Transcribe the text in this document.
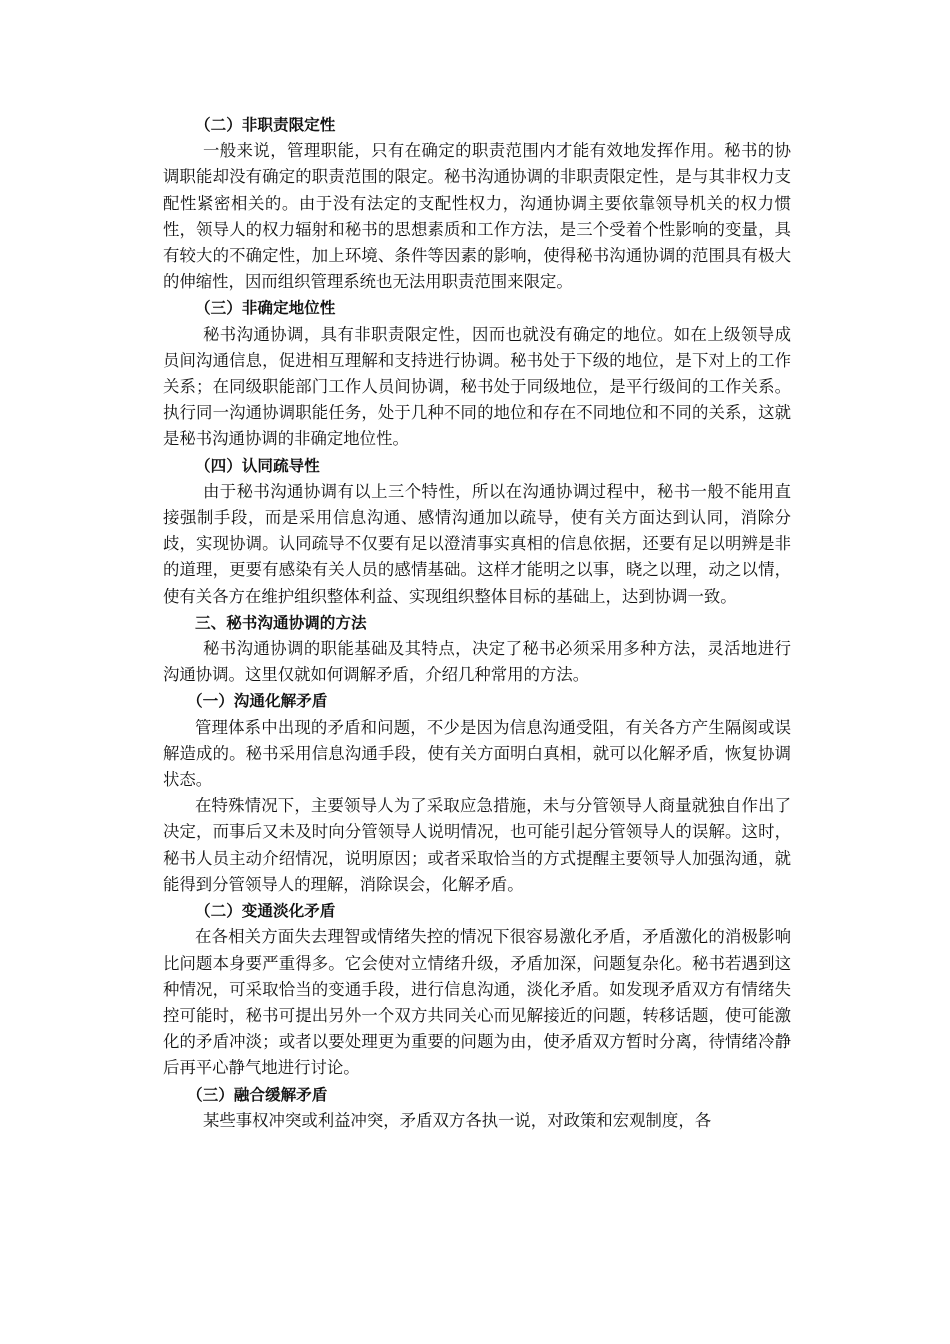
（二）非职责限定性

一般来说，管理职能，只有在确定的职责范围内才能有效地发挥作用。秘书的协调职能却没有确定的职责范围的限定。秘书沟通协调的非职责限定性，是与其非权力支配性紧密相关的。由于没有法定的支配性权力，沟通协调主要依靠领导机关的权力惯性，领导人的权力辐射和秘书的思想素质和工作方法，是三个受着个性影响的变量，具有较大的不确定性，加上环境、条件等因素的影响，使得秘书沟通协调的范围具有极大的伸缩性，因而组织管理系统也无法用职责范围来限定。

（三）非确定地位性

秘书沟通协调，具有非职责限定性，因而也就没有确定的地位。如在上级领导成员间沟通信息，促进相互理解和支持进行协调。秘书处于下级的地位，是下对上的工作关系；在同级职能部门工作人员间协调，秘书处于同级地位，是平行级间的工作关系。执行同一沟通协调职能任务，处于几种不同的地位和存在不同地位和不同的关系，这就是秘书沟通协调的非确定地位性。

（四）认同疏导性

由于秘书沟通协调有以上三个特性，所以在沟通协调过程中，秘书一般不能用直接强制手段，而是采用信息沟通、感情沟通加以疏导，使有关方面达到认同，消除分歧，实现协调。认同疏导不仅要有足以澄清事实真相的信息依据，还要有足以明辨是非的道理，更要有感染有关人员的感情基础。这样才能明之以事，晓之以理，动之以情，使有关各方在维护组织整体利益、实现组织整体目标的基础上，达到协调一致。

三、秘书沟通协调的方法

秘书沟通协调的职能基础及其特点，决定了秘书必须采用多种方法，灵活地进行沟通协调。这里仅就如何调解矛盾，介绍几种常用的方法。

（一）沟通化解矛盾

管理体系中出现的矛盾和问题，不少是因为信息沟通受阻，有关各方产生隔阂或误解造成的。秘书采用信息沟通手段，使有关方面明白真相，就可以化解矛盾，恢复协调状态。

在特殊情况下，主要领导人为了采取应急措施，未与分管领导人商量就独自作出了决定，而事后又未及时向分管领导人说明情况，也可能引起分管领导人的误解。这时，秘书人员主动介绍情况，说明原因；或者采取恰当的方式提醒主要领导人加强沟通，就能得到分管领导人的理解，消除误会，化解矛盾。

（二）变通淡化矛盾

在各相关方面失去理智或情绪失控的情况下很容易激化矛盾，矛盾激化的消极影响比问题本身要严重得多。它会使对立情绪升级，矛盾加深，问题复杂化。秘书若遇到这种情况，可采取恰当的变通手段，进行信息沟通，淡化矛盾。如发现矛盾双方有情绪失控可能时，秘书可提出另外一个双方共同关心而见解接近的问题，转移话题，使可能激化的矛盾冲淡；或者以要处理更为重要的问题为由，使矛盾双方暂时分离，待情绪冷静后再平心静气地进行讨论。

（三）融合缓解矛盾

某些事权冲突或利益冲突，矛盾双方各执一说，对政策和宏观制度，各
